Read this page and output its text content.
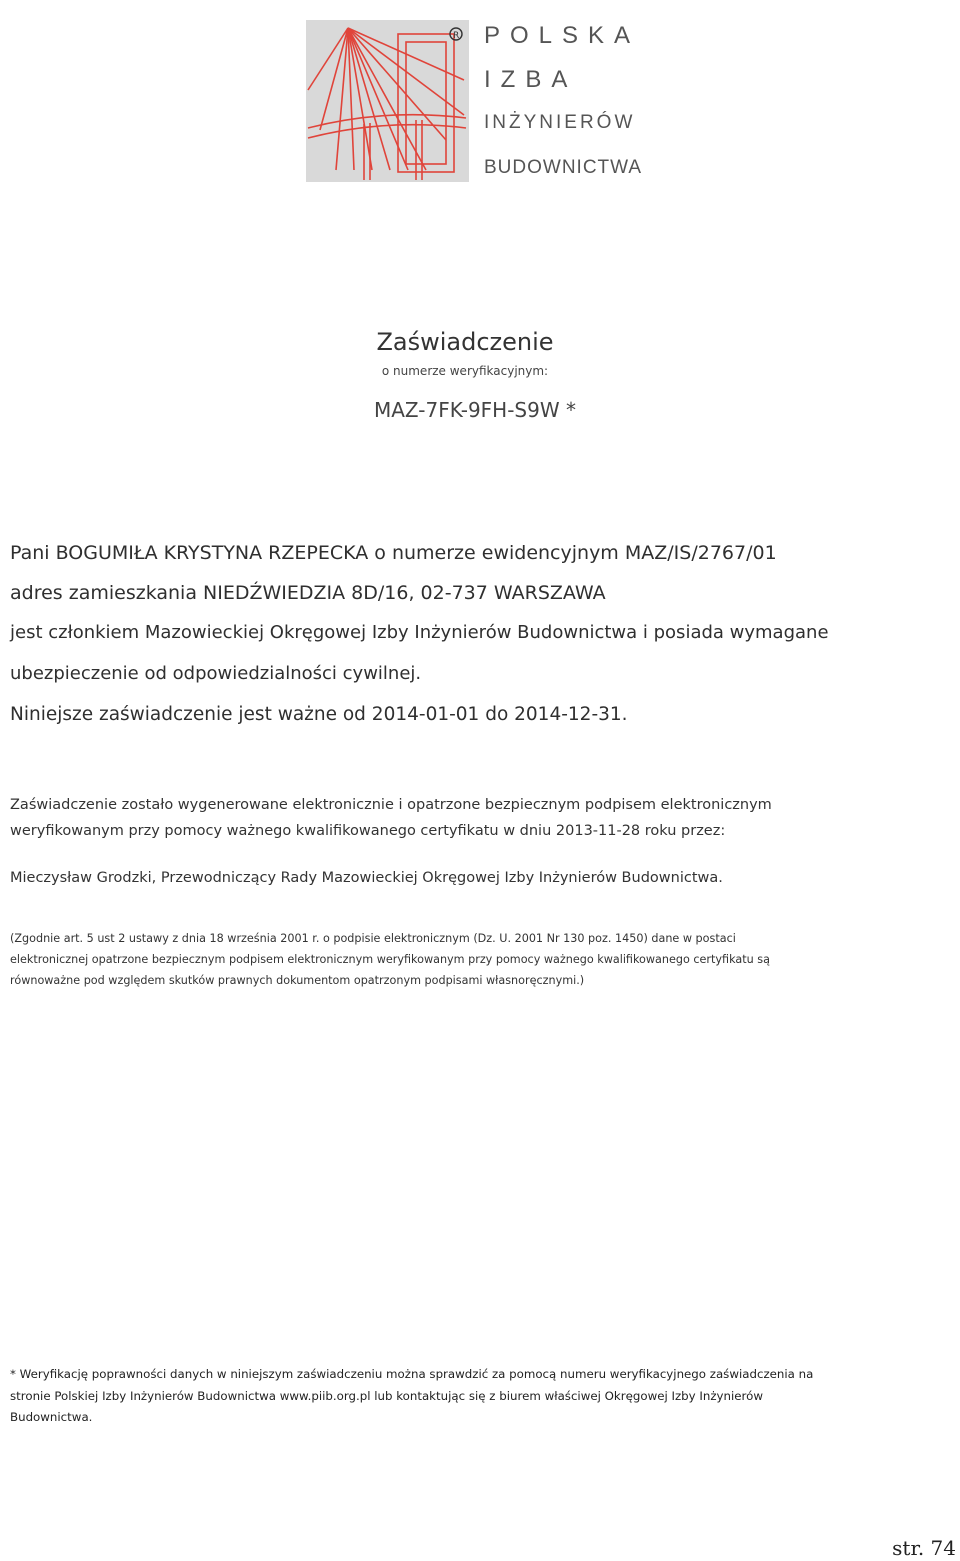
R POLSKA
IZBA
INŻYNIERÓW
BUDOWNICTWA
Zaświadczenie
o numerze weryfikacyjnym:
MAZ-7FK-9FH-S9W *
Pani BOGUMIŁA KRYSTYNA RZEPECKA o numerze ewidencyjnym MAZ/IS/2767/01
adres zamieszkania NIEDŹWIEDZIA 8D/16, 02-737 WARSZAWA
jest członkiem Mazowieckiej Okręgowej Izby Inżynierów Budownictwa i posiada wymagane
ubezpieczenie od odpowiedzialności cywilnej.
Niniejsze zaświadczenie jest ważne od 2014-01-01 do 2014-12-31.
Zaświadczenie zostało wygenerowane elektronicznie i opatrzone bezpiecznym podpisem elektronicznym
weryfikowanym przy pomocy ważnego kwalifikowanego certyfikatu w dniu 2013-11-28 roku przez:
Mieczysław Grodzki, Przewodniczący Rady Mazowieckiej Okręgowej Izby Inżynierów Budownictwa.
(Zgodnie art. 5 ust 2 ustawy z dnia 18 września 2001 r. o podpisie elektronicznym (Dz. U. 2001 Nr 130 poz. 1450) dane w postaci
elektronicznej opatrzone bezpiecznym podpisem elektronicznym weryfikowanym przy pomocy ważnego kwalifikowanego certyfikatu są
równoważne pod względem skutków prawnych dokumentom opatrzonym podpisami własnoręcznymi.)
* Weryfikację poprawności danych w niniejszym zaświadczeniu można sprawdzić za pomocą numeru weryfikacyjnego zaświadczenia na
stronie Polskiej Izby Inżynierów Budownictwa www.piib.org.pl lub kontaktując się z biurem właściwej Okręgowej Izby Inżynierów
Budownictwa.
str. 74
